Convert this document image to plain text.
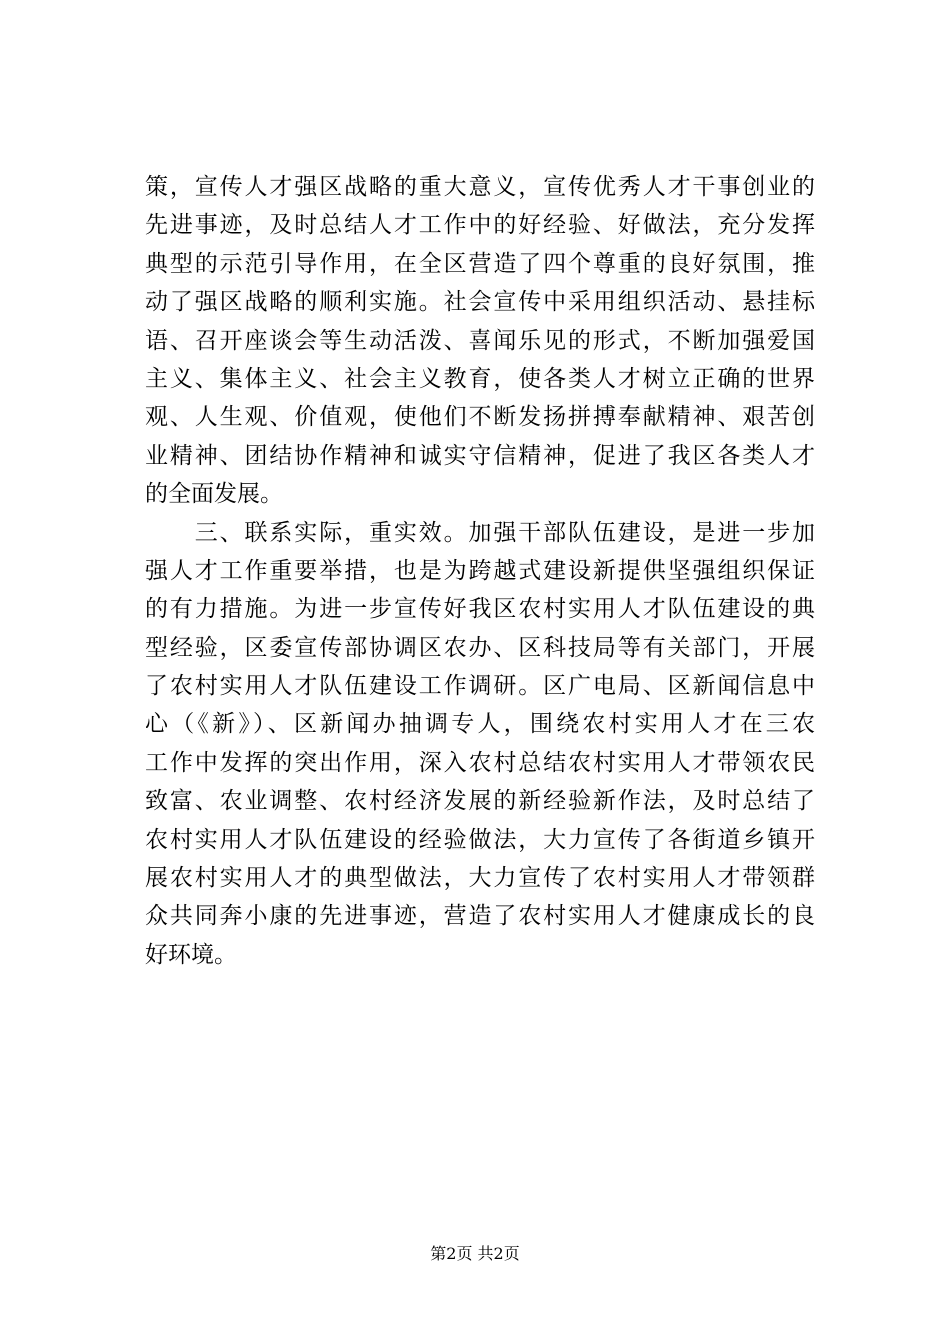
策，宣传人才强区战略的重大意义，宣传优秀人才干事创业的
先进事迹，及时总结人才工作中的好经验、好做法，充分发挥
典型的示范引导作用，在全区营造了四个尊重的良好氛围，推
动了强区战略的顺利实施。社会宣传中采用组织活动、悬挂标
语、召开座谈会等生动活泼、喜闻乐见的形式，不断加强爱国
主义、集体主义、社会主义教育，使各类人才树立正确的世界
观、人生观、价值观，使他们不断发扬拼搏奉献精神、艰苦创
业精神、团结协作精神和诚实守信精神，促进了我区各类人才
的全面发展。
　　三、联系实际，重实效。加强干部队伍建设，是进一步加
强人才工作重要举措，也是为跨越式建设新提供坚强组织保证
的有力措施。为进一步宣传好我区农村实用人才队伍建设的典
型经验，区委宣传部协调区农办、区科技局等有关部门，开展
了农村实用人才队伍建设工作调研。区广电局、区新闻信息中
心（《新》）、区新闻办抽调专人，围绕农村实用人才在三农
工作中发挥的突出作用，深入农村总结农村实用人才带领农民
致富、农业调整、农村经济发展的新经验新作法，及时总结了
农村实用人才队伍建设的经验做法，大力宣传了各街道乡镇开
展农村实用人才的典型做法，大力宣传了农村实用人才带领群
众共同奔小康的先进事迹，营造了农村实用人才健康成长的良
好环境。
第2页 共2页
